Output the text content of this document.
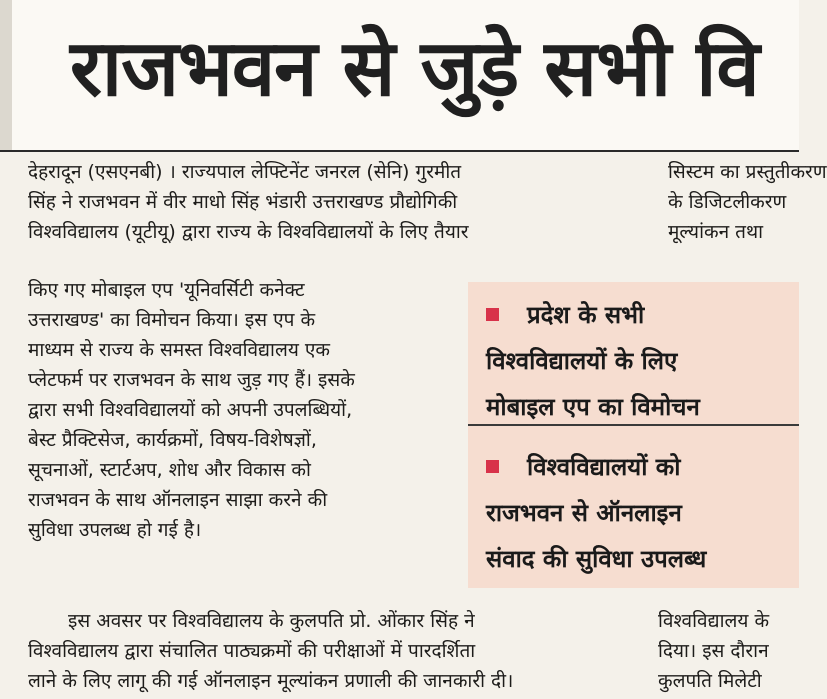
राजभवन से जुड़े सभी वि

देहरादून (एसएनबी) । राज्यपाल लेफ्टिनेंट जनरल (सेनि) गुरमीत

सिंह ने राजभवन में वीर माधो सिंह भंडारी उत्तराखण्ड प्रौद्योगिकी

विश्वविद्यालय (यूटीयू) द्वारा राज्य के विश्वविद्यालयों के लिए तैयार

किए गए मोबाइल एप 'यूनिवर्सिटी कनेक्ट

उत्तराखण्ड' का विमोचन किया। इस एप के

माध्यम से राज्य के समस्त विश्वविद्यालय एक

प्लेटफर्म पर राजभवन के साथ जुड़ गए हैं। इसके

द्वारा सभी विश्वविद्यालयों को अपनी उपलब्धियों,

बेस्ट प्रैक्टिसेज, कार्यक्रमों, विषय-विशेषज्ञों,

सूचनाओं, स्टार्टअप, शोध और विकास को

राजभवन के साथ ऑनलाइन साझा करने की

सुविधा उपलब्ध हो गई है।

इस अवसर पर विश्वविद्यालय के कुलपति प्रो. ओंकार सिंह ने

विश्वविद्यालय द्वारा संचालित पाठ्यक्रमों की परीक्षाओं में पारदर्शिता

लाने के लिए लागू की गई ऑनलाइन मूल्यांकन प्रणाली की जानकारी दी।

सिस्टम का प्रस्तुतीकरण

के डिजिटलीकरण

मूल्यांकन तथा

विश्वविद्यालय के

दिया। इस दौरान

कुलपति मिलेटी

प्रदेश के सभी
विश्वविद्यालयों के लिए
मोबाइल एप का विमोचन
विश्वविद्यालयों को
राजभवन से ऑनलाइन
संवाद की सुविधा उपलब्ध
